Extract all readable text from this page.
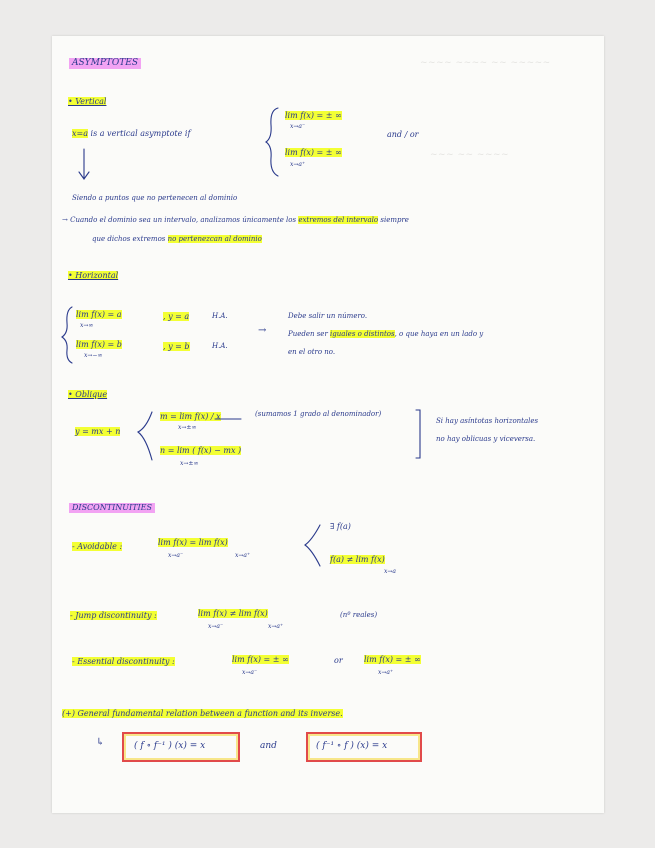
~~~~ ~~~~ ~~ ~~~~~
~~~ ~~ ~~~~
ASYMPTOTES
• Vertical
x=a is a vertical asymptote if
lim f(x) = ± ∞
x→a⁻
lim f(x) = ± ∞
x→a⁺
and / or
Siendo a puntos que no pertenecen al dominio
→ Cuando el dominio sea un intervalo, analizamos únicamente los extremos del intervalo siempre
que dichos extremos no pertenezcan al dominio
• Horizontal
lim f(x) = a
x→∞
, y = a	H.A.
lim f(x) = b
x→−∞
, y = b	H.A.
→
Debe salir un número.
Pueden ser iguales o distintos, o que haya en un lado y
en el otro no.
• Oblique
y = mx + n
m = lim f(x) / x
x→±∞
(sumamos 1 grado al denominador)
n = lim ( f(x) − mx )
x→±∞
Si hay asíntotas horizontales
no hay oblicuas y viceversa.
DISCONTINUITIES
- Avoidable :	lim f(x) = lim f(x)
x→a⁻	x→a⁺
∃ f(a)
f(a) ≠ lim f(x)
x→a
- Jump discontinuity :	lim f(x) ≠ lim f(x)
x→a⁻	x→a⁺
(nº reales)
- Essential discontinuity :	lim f(x) = ± ∞
x→a⁻
or	lim f(x) = ± ∞
x→a⁺
(+) General fundamental relation between a function and its inverse.
↳	( f ∘ f⁻¹ ) (x) = x	and	( f⁻¹ ∘ f ) (x) = x
